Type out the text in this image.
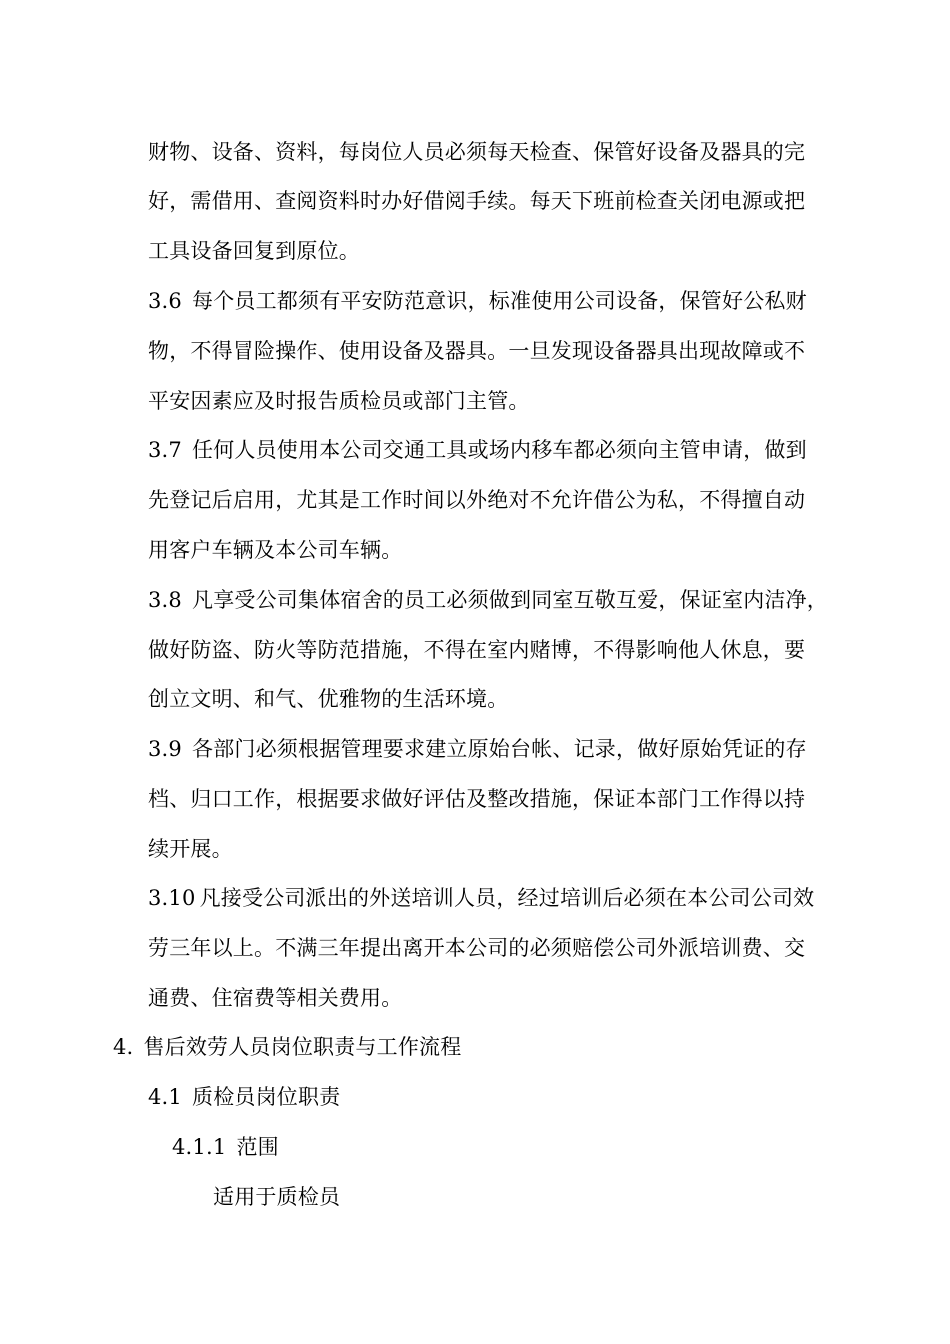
财物、设备、资料，每岗位人员必须每天检查、保管好设备及器具的完
好，需借用、查阅资料时办好借阅手续。每天下班前检查关闭电源或把
工具设备回复到原位。
3.6 每个员工都须有平安防范意识，标准使用公司设备，保管好公私财
物，不得冒险操作、使用设备及器具。一旦发现设备器具出现故障或不
平安因素应及时报告质检员或部门主管。
3.7 任何人员使用本公司交通工具或场内移车都必须向主管申请，做到
先登记后启用，尤其是工作时间以外绝对不允许借公为私，不得擅自动
用客户车辆及本公司车辆。
3.8 凡享受公司集体宿舍的员工必须做到同室互敬互爱，保证室内洁净，
做好防盗、防火等防范措施，不得在室内赌博，不得影响他人休息，要
创立文明、和气、优雅物的生活环境。
3.9 各部门必须根据管理要求建立原始台帐、记录，做好原始凭证的存
档、归口工作，根据要求做好评估及整改措施，保证本部门工作得以持
续开展。
3.10 凡接受公司派出的外送培训人员，经过培训后必须在本公司公司效
劳三年以上。不满三年提出离开本公司的必须赔偿公司外派培训费、交
通费、住宿费等相关费用。
4. 售后效劳人员岗位职责与工作流程
4.1 质检员岗位职责
4.1.1 范围
适用于质检员
